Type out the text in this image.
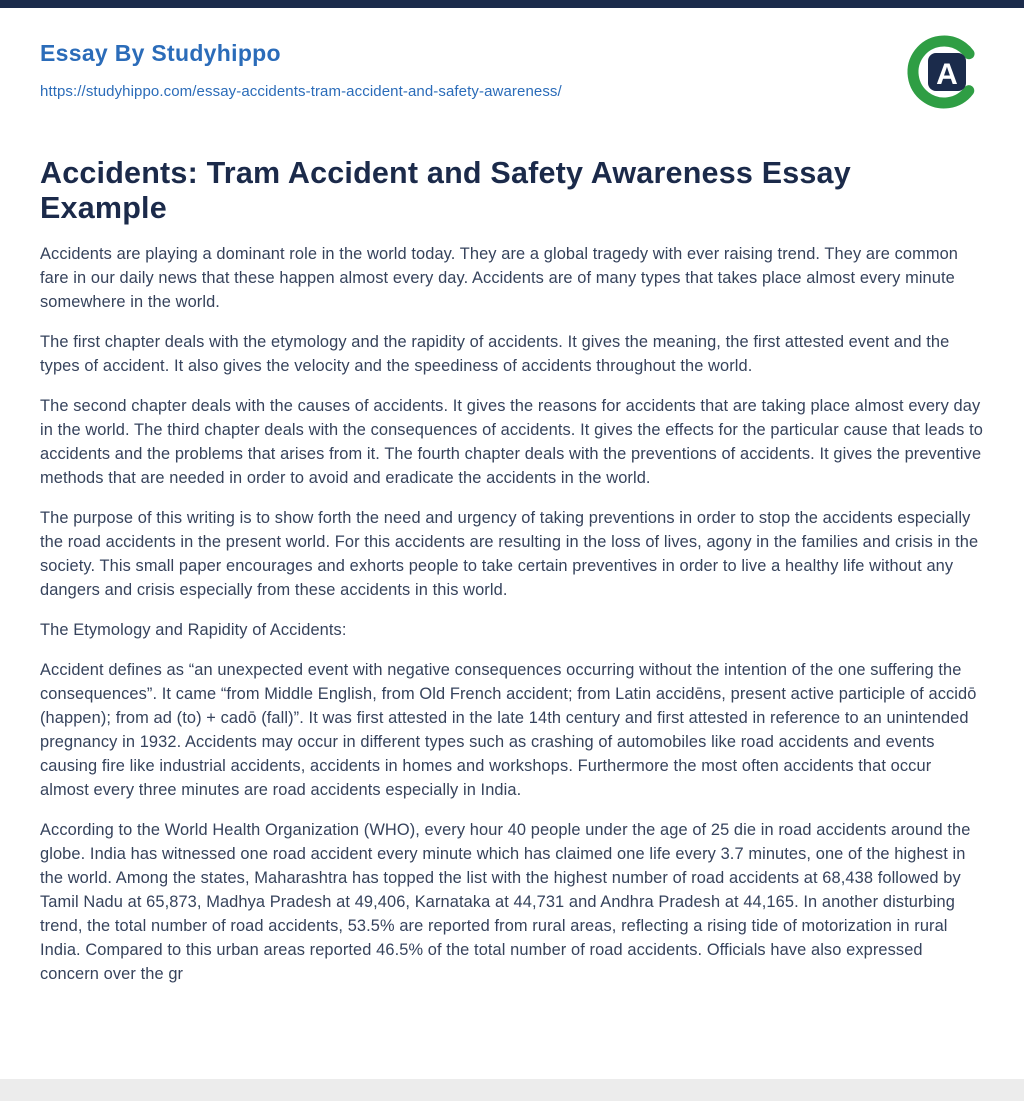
Essay By Studyhippo
https://studyhippo.com/essay-accidents-tram-accident-and-safety-awareness/
A
Accidents: Tram Accident and Safety Awareness Essay Example

Accidents are playing a dominant role in the world today. They are a global tragedy with ever raising trend. They are common fare in our daily news that these happen almost every day. Accidents are of many types that takes place almost every minute somewhere in the world.

The first chapter deals with the etymology and the rapidity of accidents. It gives the meaning, the first attested event and the types of accident. It also gives the velocity and the speediness of accidents throughout the world.

The second chapter deals with the causes of accidents. It gives the reasons for accidents that are taking place almost every day in the world. The third chapter deals with the consequences of accidents. It gives the effects for the particular cause that leads to accidents and the problems that arises from it. The fourth chapter deals with the preventions of accidents. It gives the preventive methods that are needed in order to avoid and eradicate the accidents in the world.

The purpose of this writing is to show forth the need and urgency of taking preventions in order to stop the accidents especially the road accidents in the present world. For this accidents are resulting in the loss of lives, agony in the families and crisis in the society. This small paper encourages and exhorts people to take certain preventives in order to live a healthy life without any dangers and crisis especially from these accidents in this world.

The Etymology and Rapidity of Accidents:

Accident defines as “an unexpected event with negative consequences occurring without the intention of the one suffering the consequences”. It came “from Middle English, from Old French accident; from Latin accidēns, present active participle of accidō (happen); from ad (to) + cadō (fall)”. It was first attested in the late 14th century and first attested in reference to an unintended pregnancy in 1932. Accidents may occur in different types such as crashing of automobiles like road accidents and events causing fire like industrial accidents, accidents in homes and workshops. Furthermore the most often accidents that occur almost every three minutes are road accidents especially in India.

According to the World Health Organization (WHO), every hour 40 people under the age of 25 die in road accidents around the globe. India has witnessed one road accident every minute which has claimed one life every 3.7 minutes, one of the highest in the world. Among the states, Maharashtra has topped the list with the highest number of road accidents at 68,438 followed by Tamil Nadu at 65,873, Madhya Pradesh at 49,406, Karnataka at 44,731 and Andhra Pradesh at 44,165. In another disturbing trend, the total number of road accidents, 53.5% are reported from rural areas, reflecting a rising tide of motorization in rural India. Compared to this urban areas reported 46.5% of the total number of road accidents. Officials have also expressed concern over the gr
